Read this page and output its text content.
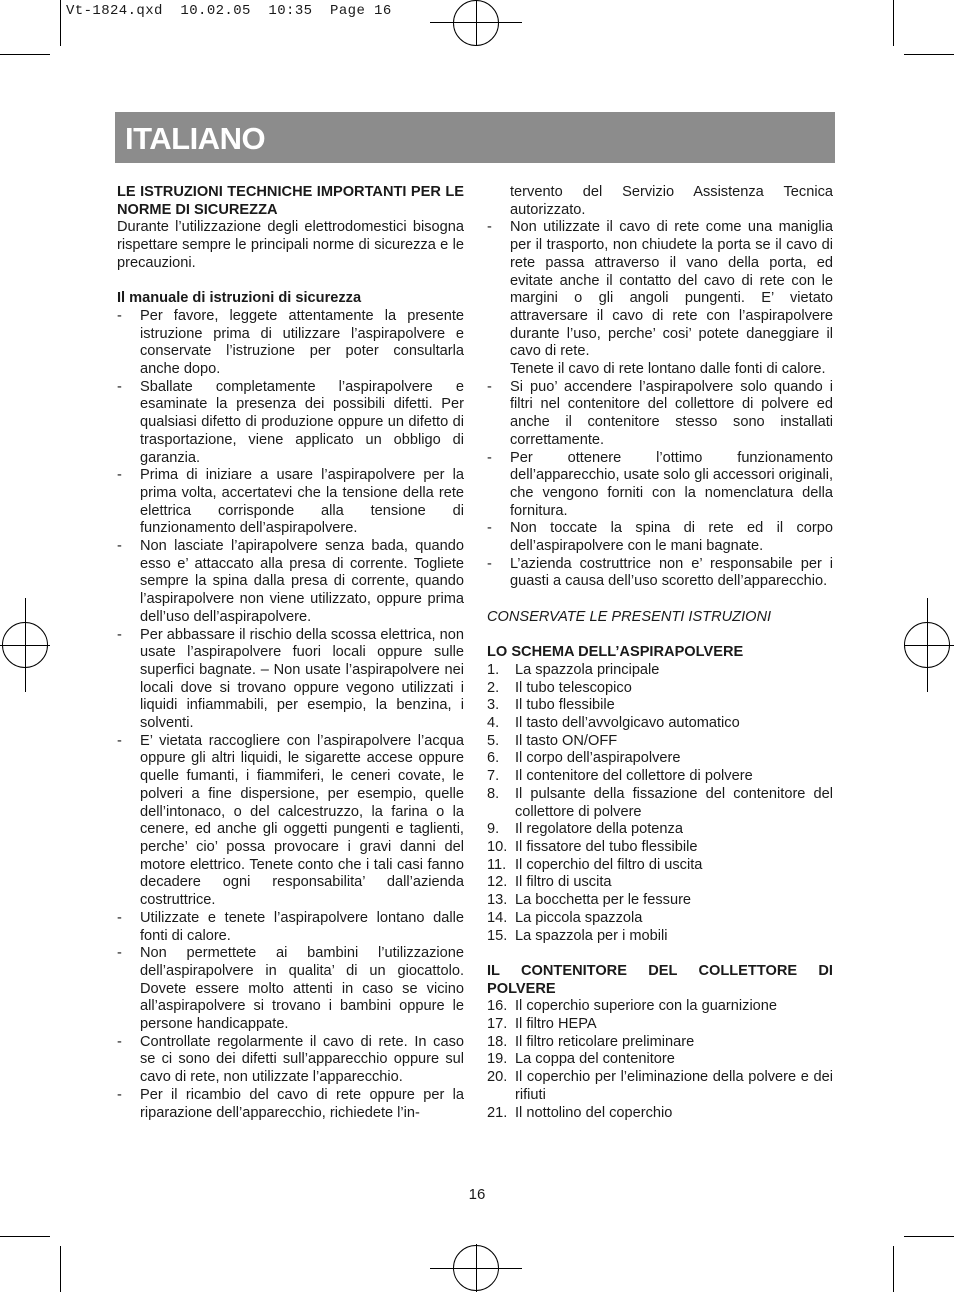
Vt-1824.qxd  10.02.05  10:35  Page 16
ITALIANO

LE ISTRUZIONI TECHNICHE IMPORTANTI PER LE NORME DI SICUREZZA

Durante l’utilizzazione degli elettrodomestici bisogna rispettare sempre le principali norme di sicurezza e le precauzioni.

Il manuale di istruzioni di sicurezza

- Per favore, leggete attentamente la presente istruzione prima di utilizzare l’aspirapolvere e conservate l’istruzione per poter consultarla anche dopo.
- Sballate completamente l’aspirapolvere e esaminate la presenza dei possibili difetti. Per qualsiasi difetto di produzione oppure un difetto di trasportazione, viene applicato un obbligo di garanzia.
- Prima di iniziare a usare l’aspirapolvere per la prima volta, accertatevi che la tensione della rete elettrica corrisponde alla tensione di funzionamento dell’aspirapolvere.
- Non lasciate l’apirapolvere senza bada, quando esso e’ attaccato alla presa di corrente. Togliete sempre la spina dalla presa di corrente, quando l’aspirapolvere non viene utilizzato, oppure prima dell’uso dell’aspirapolvere.
- Per abbassare il rischio della scossa elettrica, non usate l’aspirapolvere fuori locali oppure sulle superfici bagnate. – Non usate l’aspirapolvere nei locali dove si trovano oppure vegono utilizzati i liquidi infiammabili, per esempio, la benzina, i solventi.
- E’ vietata raccogliere con l’aspirapolvere l’acqua oppure gli altri liquidi, le sigarette accese oppure quelle fumanti, i fiammiferi, le ceneri covate, le polveri a fine dispersione, per esempio, quelle dell’intonaco, o del calcestruzzo, la farina o la cenere, ed anche gli oggetti pungenti e taglienti, perche’ cio’ possa provocare i gravi danni del motore elettrico. Tenete conto che i tali casi fanno decadere ogni responsabilita’ dall’azienda costruttrice.
- Utilizzate e tenete l’aspirapolvere lontano dalle fonti di calore.
- Non permettete ai bambini l’utilizzazione dell’aspirapolvere in qualita’ di un giocattolo. Dovete essere molto attenti in caso se vicino all’aspirapolvere si trovano i bambini oppure le persone handicappate.
- Controllate regolarmente il cavo di rete. In caso se ci sono dei difetti sull’apparecchio oppure sul cavo di rete, non utilizzate l’apparecchio.
- Per il ricambio del cavo di rete oppure per la riparazione dell’apparecchio, richiedete l’in-

tervento del Servizio Assistenza Tecnica autorizzato.

- Non utilizzate il cavo di rete come una maniglia per il trasporto, non chiudete la porta se il cavo di rete passa attraverso il vano della porta, ed evitate anche il contatto del cavo di rete con le margini o gli angoli pungenti. E’ vietato attraversare il cavo di rete con l’aspirapolvere durante l’uso, perche’ cosi’ potete daneggiare il cavo di rete.
Tenete il cavo di rete lontano dalle fonti di calore.
- Si puo’ accendere l’aspirapolvere solo quando i filtri nel contenitore del collettore di polvere ed anche il contenitore stesso sono installati correttamente.
- Per ottenere l’ottimo funzionamento dell’apparecchio, usate solo gli accessori originali, che vengono forniti con la nomenclatura della fornitura.
- Non toccate la spina di rete ed il corpo dell’aspirapolvere con le mani bagnate.
- L’azienda costruttrice non e’ responsabile per i guasti a causa dell’uso scoretto dell’apparecchio.

CONSERVATE LE PRESENTI ISTRUZIONI

LO SCHEMA DELL’ASPIRAPOLVERE

1. La spazzola principale
2. Il tubo telescopico
3. Il tubo flessibile
4. Il tasto dell’avvolgicavo automatico
5. Il tasto ON/OFF
6. Il corpo dell’aspirapolvere
7. Il contenitore del collettore di polvere
8. Il pulsante della fissazione del contenitore del collettore di polvere
9. Il regolatore della potenza
10. Il fissatore del tubo flessibile
11. Il coperchio del filtro di uscita
12. Il filtro di uscita
13. La bocchetta per le fessure
14. La piccola spazzola
15. La spazzola per i mobili

IL CONTENITORE DEL COLLETTORE DI POLVERE

16. Il coperchio superiore con la guarnizione
17. Il filtro HEPA
18. Il filtro reticolare preliminare
19. La coppa del contenitore
20. Il coperchio per l’eliminazione della polvere e dei rifiuti
21. Il nottolino del coperchio
16
